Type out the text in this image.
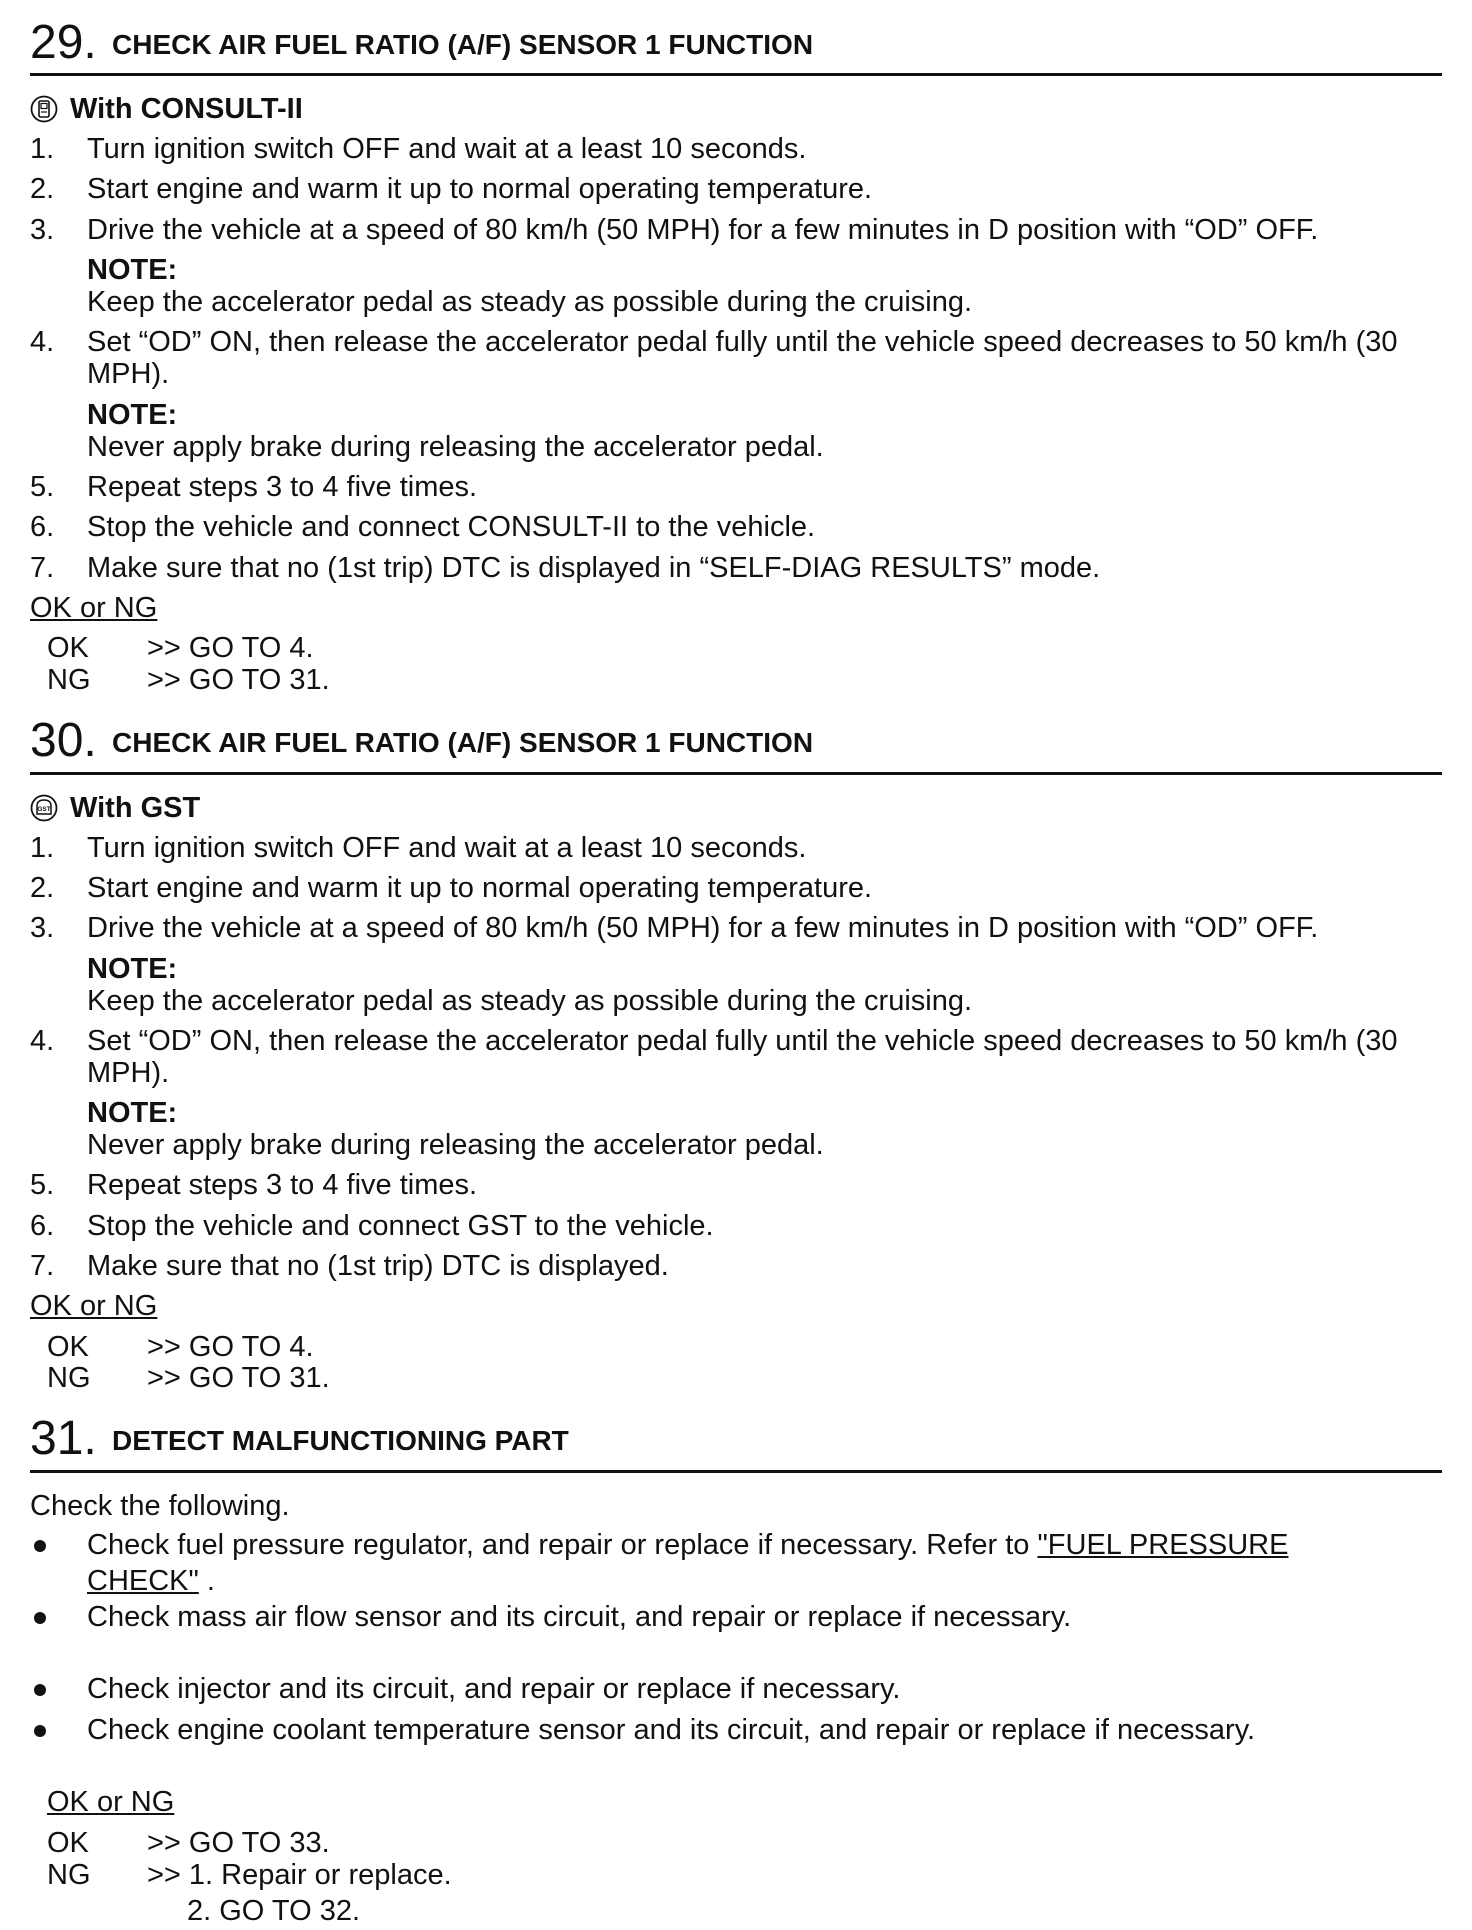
29. CHECK AIR FUEL RATIO (A/F) SENSOR 1 FUNCTION
With CONSULT-II
1. Turn ignition switch OFF and wait at a least 10 seconds.
2. Start engine and warm it up to normal operating temperature.
3. Drive the vehicle at a speed of 80 km/h (50 MPH) for a few minutes in D position with “OD” OFF.
NOTE:
Keep the accelerator pedal as steady as possible during the cruising.
4. Set “OD” ON, then release the accelerator pedal fully until the vehicle speed decreases to 50 km/h (30
MPH).
NOTE:
Never apply brake during releasing the accelerator pedal.
5. Repeat steps 3 to 4 five times.
6. Stop the vehicle and connect CONSULT-II to the vehicle.
7. Make sure that no (1st trip) DTC is displayed in “SELF-DIAG RESULTS” mode.
OK or NG
OK >> GO TO 4.
NG >> GO TO 31.
30. CHECK AIR FUEL RATIO (A/F) SENSOR 1 FUNCTION
GST With GST
1. Turn ignition switch OFF and wait at a least 10 seconds.
2. Start engine and warm it up to normal operating temperature.
3. Drive the vehicle at a speed of 80 km/h (50 MPH) for a few minutes in D position with “OD” OFF.
NOTE:
Keep the accelerator pedal as steady as possible during the cruising.
4. Set “OD” ON, then release the accelerator pedal fully until the vehicle speed decreases to 50 km/h (30
MPH).
NOTE:
Never apply brake during releasing the accelerator pedal.
5. Repeat steps 3 to 4 five times.
6. Stop the vehicle and connect GST to the vehicle.
7. Make sure that no (1st trip) DTC is displayed.
OK or NG
OK >> GO TO 4.
NG >> GO TO 31.
31. DETECT MALFUNCTIONING PART
Check the following.
Check fuel pressure regulator, and repair or replace if necessary. Refer to "FUEL PRESSURE
CHECK" .
Check mass air flow sensor and its circuit, and repair or replace if necessary.
Check injector and its circuit, and repair or replace if necessary.
Check engine coolant temperature sensor and its circuit, and repair or replace if necessary.
OK or NG
OK >> GO TO 33.
NG >> 1. Repair or replace.
2. GO TO 32.
